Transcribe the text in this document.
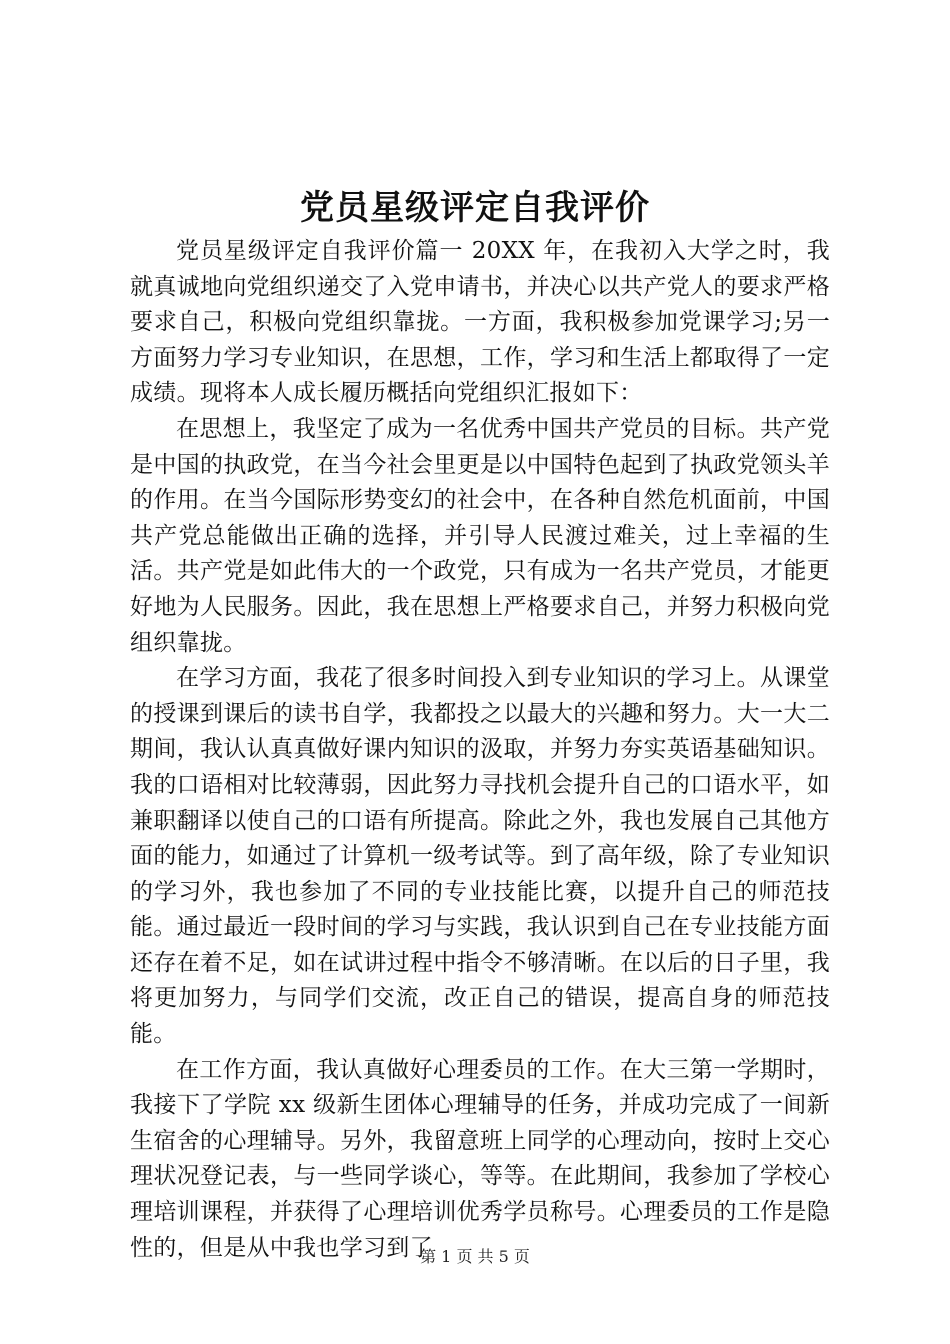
党员星级评定自我评价

党员星级评定自我评价篇一 20XX 年，在我初入大学之时，我就真诚地向党组织递交了入党申请书，并决心以共产党人的要求严格要求自己，积极向党组织靠拢。一方面，我积极参加党课学习;另一方面努力学习专业知识，在思想，工作，学习和生活上都取得了一定成绩。现将本人成长履历概括向党组织汇报如下：

在思想上，我坚定了成为一名优秀中国共产党员的目标。共产党是中国的执政党，在当今社会里更是以中国特色起到了执政党领头羊的作用。在当今国际形势变幻的社会中，在各种自然危机面前，中国共产党总能做出正确的选择，并引导人民渡过难关，过上幸福的生活。共产党是如此伟大的一个政党，只有成为一名共产党员，才能更好地为人民服务。因此，我在思想上严格要求自己，并努力积极向党组织靠拢。

在学习方面，我花了很多时间投入到专业知识的学习上。从课堂的授课到课后的读书自学，我都投之以最大的兴趣和努力。大一大二期间，我认认真真做好课内知识的汲取，并努力夯实英语基础知识。我的口语相对比较薄弱，因此努力寻找机会提升自己的口语水平，如兼职翻译以使自己的口语有所提高。除此之外，我也发展自己其他方面的能力，如通过了计算机一级考试等。到了高年级，除了专业知识的学习外，我也参加了不同的专业技能比赛，以提升自己的师范技能。通过最近一段时间的学习与实践，我认识到自己在专业技能方面还存在着不足，如在试讲过程中指令不够清晰。在以后的日子里，我将更加努力，与同学们交流，改正自己的错误，提高自身的师范技能。

在工作方面，我认真做好心理委员的工作。在大三第一学期时，我接下了学院 xx 级新生团体心理辅导的任务，并成功完成了一间新生宿舍的心理辅导。另外，我留意班上同学的心理动向，按时上交心理状况登记表，与一些同学谈心，等等。在此期间，我参加了学校心理培训课程，并获得了心理培训优秀学员称号。心理委员的工作是隐性的，但是从中我也学习到了

第 1 页 共 5 页
